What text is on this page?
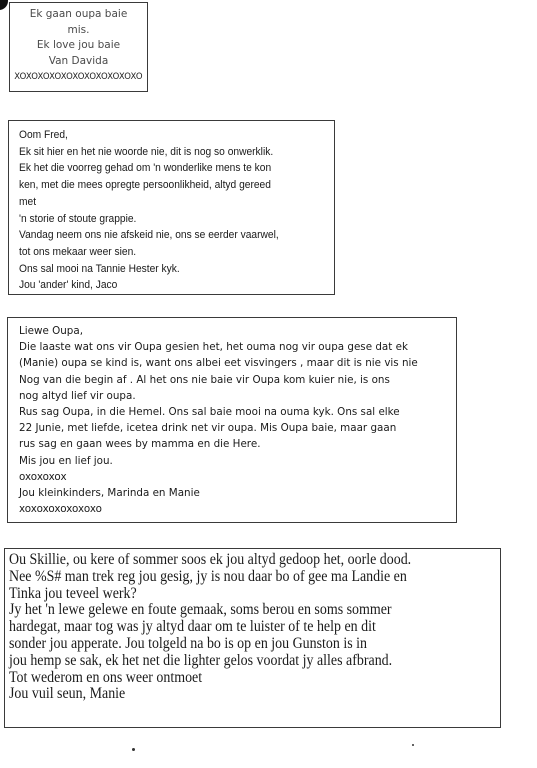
Ek gaan oupa baie
mis.
Ek love jou baie
Van Davida
XOXOXOXOXOXOXOXOXOXOXO
Oom Fred,
Ek sit hier en het nie woorde nie, dit is nog so onwerklik.
Ek het die voorreg gehad om 'n wonderlike mens te kon
ken, met die mees opregte persoonlikheid, altyd gereed
met
'n storie of stoute grappie.
Vandag neem ons nie afskeid nie, ons se eerder vaarwel,
tot ons mekaar weer sien.
Ons sal mooi na Tannie Hester kyk.
Jou 'ander' kind, Jaco
Liewe Oupa,
Die laaste wat ons vir Oupa gesien het, het ouma nog vir oupa gese dat ek
(Manie) oupa se kind is, want ons albei eet visvingers , maar dit is nie vis nie
Nog van die begin af . Al het ons nie baie vir Oupa kom kuier nie, is ons
nog altyd lief vir oupa.
Rus sag Oupa, in die Hemel. Ons sal baie mooi na ouma kyk. Ons sal elke
22 Junie, met liefde, icetea drink net vir oupa. Mis Oupa baie, maar gaan
rus sag en gaan wees by mamma en die Here.
Mis jou en lief jou.
oxoxoxox
Jou kleinkinders, Marinda en Manie
xoxoxoxoxoxoxo
Ou Skillie, ou kere of sommer soos ek jou altyd gedoop het, oorle dood.
Nee %S# man trek reg jou gesig, jy is nou daar bo of gee ma Landie en
Tinka jou teveel werk?
Jy het 'n lewe gelewe en foute gemaak, soms berou en soms sommer
hardegat, maar tog was jy altyd daar om te luister of te help en dit
sonder jou apperate. Jou tolgeld na bo is op en jou Gunston is in
jou hemp se sak, ek het net die lighter gelos voordat jy alles afbrand.
Tot wederom en ons weer ontmoet
Jou vuil seun, Manie
